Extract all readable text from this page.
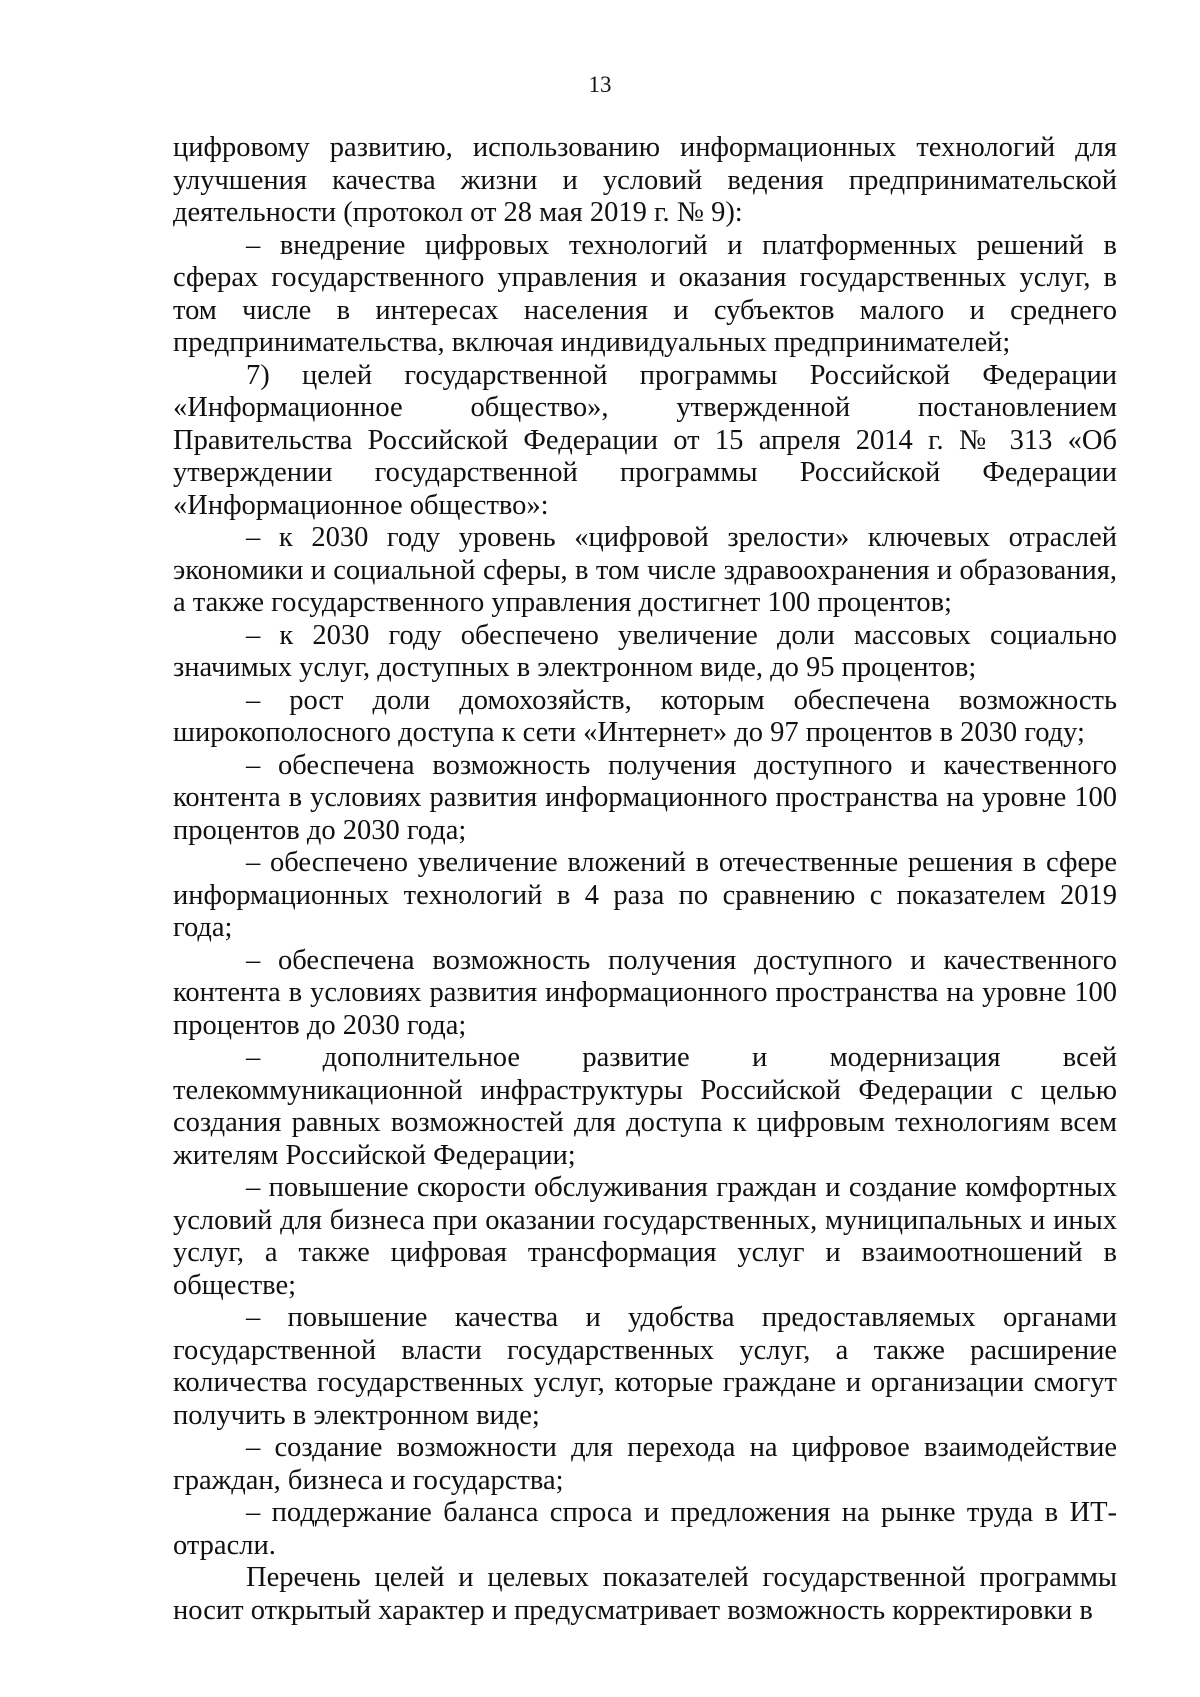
13

цифровому развитию, использованию информационных технологий для улучшения качества жизни и условий ведения предпринимательской деятельности (протокол от 28 мая 2019 г. № 9):

– внедрение цифровых технологий и платформенных решений в сферах государственного управления и оказания государственных услуг, в том числе в интересах населения и субъектов малого и среднего предпринимательства, включая индивидуальных предпринимателей;

7) целей государственной программы Российской Федерации «Информационное общество», утвержденной постановлением Правительства Российской Федерации от 15 апреля 2014 г. № 313 «Об утверждении государственной программы Российской Федерации «Информационное общество»:

– к 2030 году уровень «цифровой зрелости» ключевых отраслей экономики и социальной сферы, в том числе здравоохранения и образования, а также государственного управления достигнет 100 процентов;

– к 2030 году обеспечено увеличение доли массовых социально значимых услуг, доступных в электронном виде, до 95 процентов;

– рост доли домохозяйств, которым обеспечена возможность широкополосного доступа к сети «Интернет» до 97 процентов в 2030 году;

– обеспечена возможность получения доступного и качественного контента в условиях развития информационного пространства на уровне 100 процентов до 2030 года;

– обеспечено увеличение вложений в отечественные решения в сфере информационных технологий в 4 раза по сравнению с показателем 2019 года;

– обеспечена возможность получения доступного и качественного контента в условиях развития информационного пространства на уровне 100 процентов до 2030 года;

– дополнительное развитие и модернизация всей телекоммуникационной инфраструктуры Российской Федерации с целью создания равных возможностей для доступа к цифровым технологиям всем жителям Российской Федерации;

– повышение скорости обслуживания граждан и создание комфортных условий для бизнеса при оказании государственных, муниципальных и иных услуг, а также цифровая трансформация услуг и взаимоотношений в обществе;

– повышение качества и удобства предоставляемых органами государственной власти государственных услуг, а также расширение количества государственных услуг, которые граждане и организации смогут получить в электронном виде;

– создание возможности для перехода на цифровое взаимодействие граждан, бизнеса и государства;

– поддержание баланса спроса и предложения на рынке труда в ИТ-отрасли.

Перечень целей и целевых показателей государственной программы носит открытый характер и предусматривает возможность корректировки в
